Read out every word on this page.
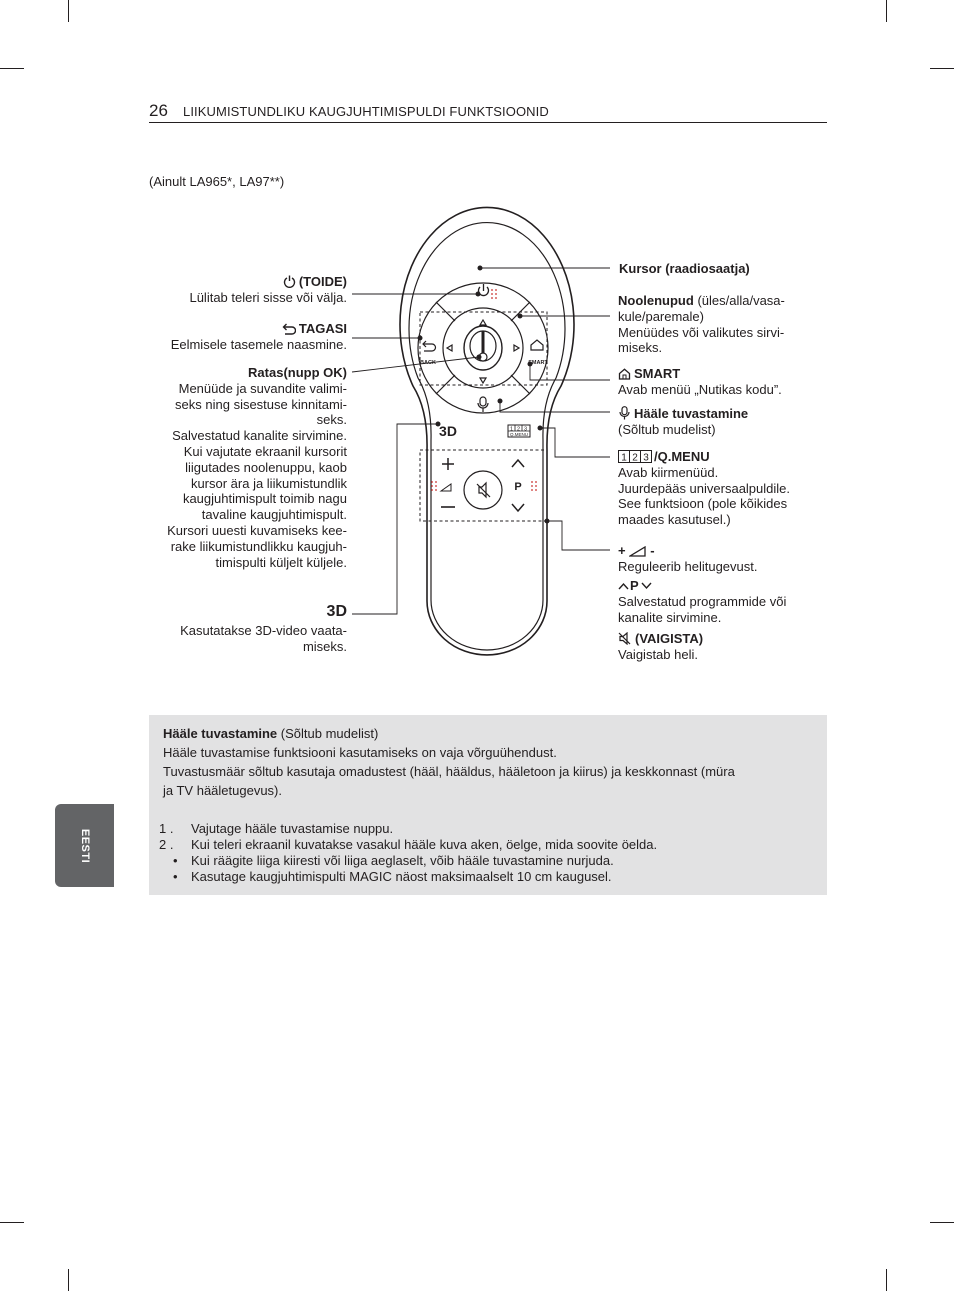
26 LIIKUMISTUNDLIKU KAUGJUHTIMISPULDI FUNKTSIOONID
(Ainult LA965*, LA97**)
BACK	SMART
3D
P
1 2 3
Q.MENU
(TOIDE)
Lülitab teleri sisse või välja.
TAGASI
Eelmisele tasemele naasmine.
Ratas(nupp OK)
Menüüde ja suvandite valimi-
seks ning sisestuse kinnitami-
seks.
Salvestatud kanalite sirvimine.
Kui vajutate ekraanil kursorit
liigutades noolenuppu, kaob
kursor ära ja liikumistundlik
kaugjuhtimispult toimib nagu
tavaline kaugjuhtimispult.
Kursori uuesti kuvamiseks kee-
rake liikumistundlikku kaugjuh-
timispulti küljelt küljele.
3D
Kasutatakse 3D-video vaata-
miseks.
Kursor (raadiosaatja)
Noolenupud (üles/alla/vasa-
kule/paremale)
Menüüdes või valikutes sirvi-
miseks.
SMART
Avab menüü „Nutikas kodu”.
Hääle tuvastamine
(Sõltub mudelist)
1 2 3 /Q.MENU
Avab kiirmenüüd.
Juurdepääs universaalpuldile.
See funktsioon (pole kõikides
maades kasutusel.)
+ -
Reguleerib helitugevust.
P
Salvestatud programmide või
kanalite sirvimine.
(VAIGISTA)
Vaigistab heli.
Hääle tuvastamine (Sõltub mudelist)
Hääle tuvastamise funktsiooni kasutamiseks on vaja võrguühendust.
Tuvastusmäär sõltub kasutaja omadustest (hääl, hääldus, hääletoon ja kiirus) ja keskkonnast (müra
ja TV hääletugevus).
1 . Vajutage hääle tuvastamise nuppu.
2 . Kui teleri ekraanil kuvatakse vasakul hääle kuva aken, öelge, mida soovite öelda.
• Kui räägite liiga kiiresti või liiga aeglaselt, võib hääle tuvastamine nurjuda.
• Kasutage kaugjuhtimispulti MAGIC näost maksimaalselt 10 cm kaugusel.
EESTI
